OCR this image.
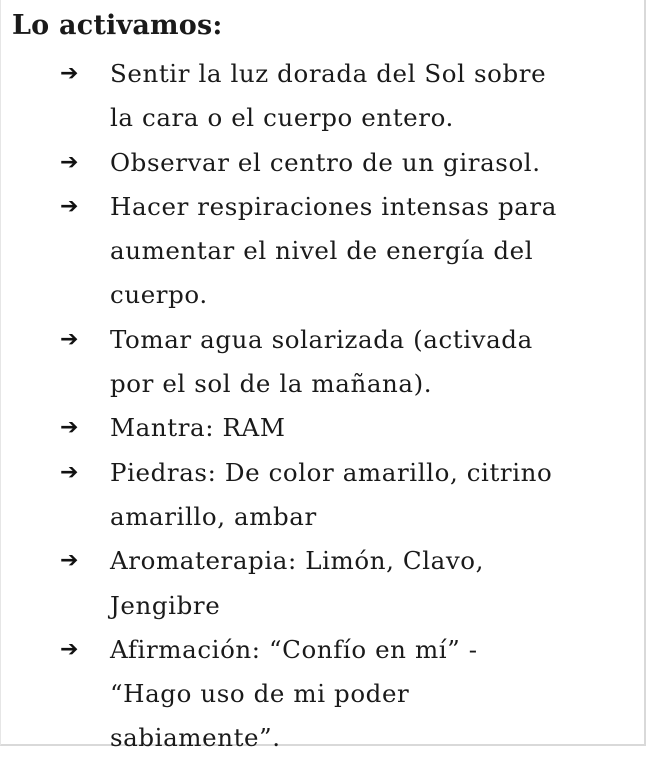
Lo activamos:
➔	Sentir la luz dorada del Sol sobre
la cara o el cuerpo entero.
➔	Observar el centro de un girasol.
➔	Hacer respiraciones intensas para
aumentar el nivel de energía del
cuerpo.
➔	Tomar agua solarizada (activada
por el sol de la mañana).
➔	Mantra: RAM
➔	Piedras: De color amarillo, citrino
amarillo, ambar
➔	Aromaterapia: Limón, Clavo,
Jengibre
➔	Afirmación: “Confío en mí” -
“Hago uso de mi poder
sabiamente”.
